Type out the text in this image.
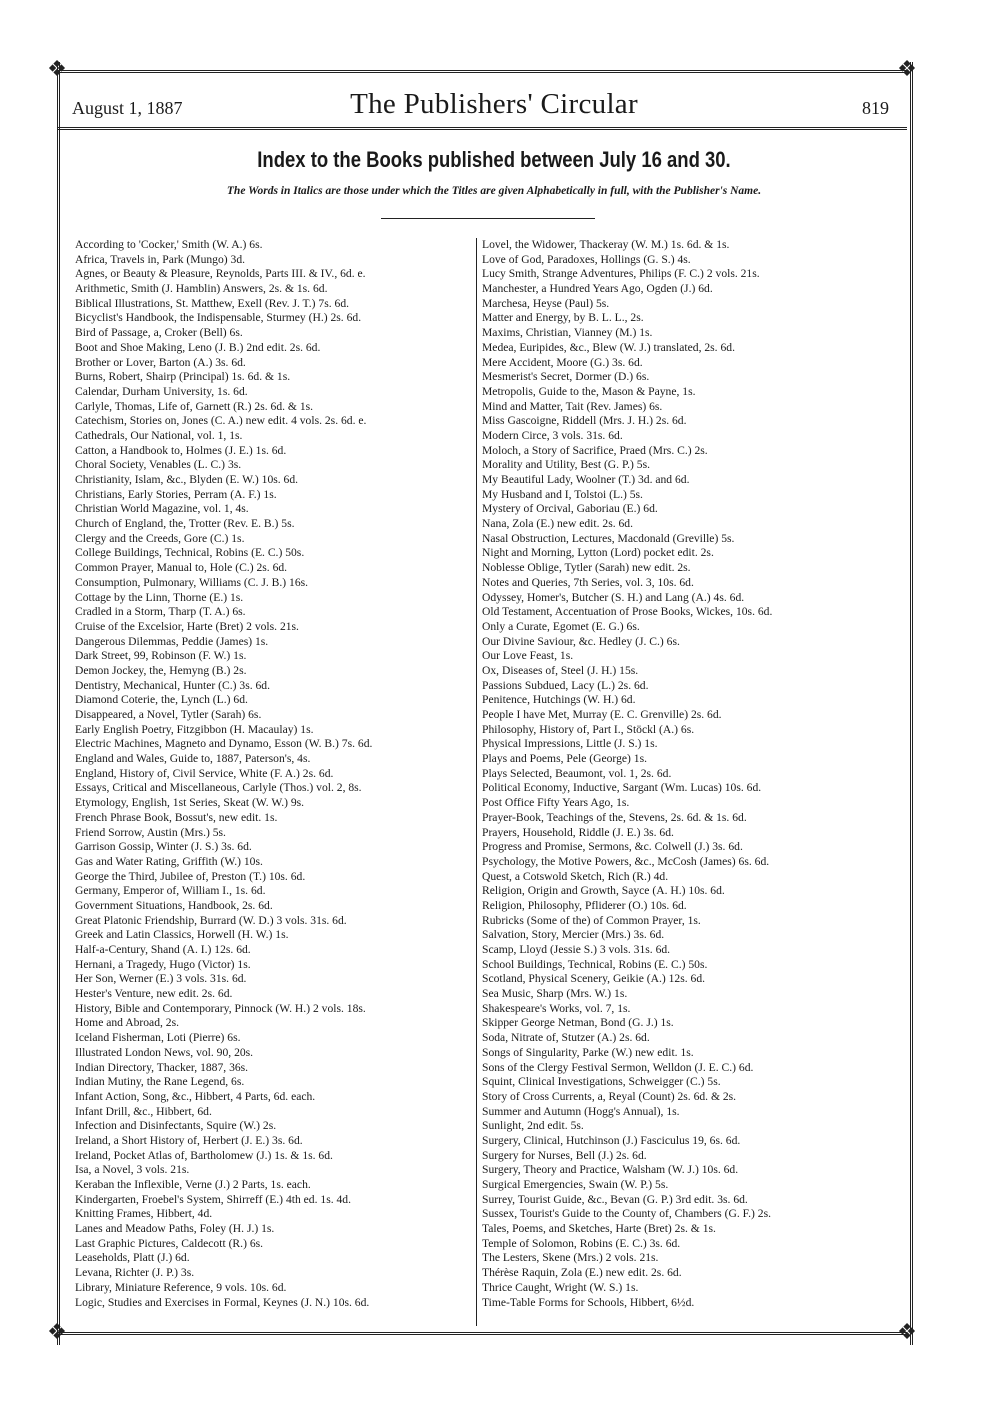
❖	❖
❖	❖
The Publishers' Circular
August 1, 1887	819
Index to the Books published between July 16 and 30.
The Words in Italics are those under which the Titles are given Alphabetically in full, with the Publisher's Name.
According to 'Cocker,' Smith (W. A.) 6s.
Africa, Travels in, Park (Mungo) 3d.
Agnes, or Beauty & Pleasure, Reynolds, Parts III. & IV., 6d. e.
Arithmetic, Smith (J. Hamblin) Answers, 2s. & 1s. 6d.
Biblical Illustrations, St. Matthew, Exell (Rev. J. T.) 7s. 6d.
Bicyclist's Handbook, the Indispensable, Sturmey (H.) 2s. 6d.
Bird of Passage, a, Croker (Bell) 6s.
Boot and Shoe Making, Leno (J. B.) 2nd edit. 2s. 6d.
Brother or Lover, Barton (A.) 3s. 6d.
Burns, Robert, Shairp (Principal) 1s. 6d. & 1s.
Calendar, Durham University, 1s. 6d.
Carlyle, Thomas, Life of, Garnett (R.) 2s. 6d. & 1s.
Catechism, Stories on, Jones (C. A.) new edit. 4 vols. 2s. 6d. e.
Cathedrals, Our National, vol. 1, 1s.
Catton, a Handbook to, Holmes (J. E.) 1s. 6d.
Choral Society, Venables (L. C.) 3s.
Christianity, Islam, &c., Blyden (E. W.) 10s. 6d.
Christians, Early Stories, Perram (A. F.) 1s.
Christian World Magazine, vol. 1, 4s.
Church of England, the, Trotter (Rev. E. B.) 5s.
Clergy and the Creeds, Gore (C.) 1s.
College Buildings, Technical, Robins (E. C.) 50s.
Common Prayer, Manual to, Hole (C.) 2s. 6d.
Consumption, Pulmonary, Williams (C. J. B.) 16s.
Cottage by the Linn, Thorne (E.) 1s.
Cradled in a Storm, Tharp (T. A.) 6s.
Cruise of the Excelsior, Harte (Bret) 2 vols. 21s.
Dangerous Dilemmas, Peddie (James) 1s.
Dark Street, 99, Robinson (F. W.) 1s.
Demon Jockey, the, Hemyng (B.) 2s.
Dentistry, Mechanical, Hunter (C.) 3s. 6d.
Diamond Coterie, the, Lynch (L.) 6d.
Disappeared, a Novel, Tytler (Sarah) 6s.
Early English Poetry, Fitzgibbon (H. Macaulay) 1s.
Electric Machines, Magneto and Dynamo, Esson (W. B.) 7s. 6d.
England and Wales, Guide to, 1887, Paterson's, 4s.
England, History of, Civil Service, White (F. A.) 2s. 6d.
Essays, Critical and Miscellaneous, Carlyle (Thos.) vol. 2, 8s.
Etymology, English, 1st Series, Skeat (W. W.) 9s.
French Phrase Book, Bossut's, new edit. 1s.
Friend Sorrow, Austin (Mrs.) 5s.
Garrison Gossip, Winter (J. S.) 3s. 6d.
Gas and Water Rating, Griffith (W.) 10s.
George the Third, Jubilee of, Preston (T.) 10s. 6d.
Germany, Emperor of, William I., 1s. 6d.
Government Situations, Handbook, 2s. 6d.
Great Platonic Friendship, Burrard (W. D.) 3 vols. 31s. 6d.
Greek and Latin Classics, Horwell (H. W.) 1s.
Half-a-Century, Shand (A. I.) 12s. 6d.
Hernani, a Tragedy, Hugo (Victor) 1s.
Her Son, Werner (E.) 3 vols. 31s. 6d.
Hester's Venture, new edit. 2s. 6d.
History, Bible and Contemporary, Pinnock (W. H.) 2 vols. 18s.
Home and Abroad, 2s.
Iceland Fisherman, Loti (Pierre) 6s.
Illustrated London News, vol. 90, 20s.
Indian Directory, Thacker, 1887, 36s.
Indian Mutiny, the Rane Legend, 6s.
Infant Action, Song, &c., Hibbert, 4 Parts, 6d. each.
Infant Drill, &c., Hibbert, 6d.
Infection and Disinfectants, Squire (W.) 2s.
Ireland, a Short History of, Herbert (J. E.) 3s. 6d.
Ireland, Pocket Atlas of, Bartholomew (J.) 1s. & 1s. 6d.
Isa, a Novel, 3 vols. 21s.
Keraban the Inflexible, Verne (J.) 2 Parts, 1s. each.
Kindergarten, Froebel's System, Shirreff (E.) 4th ed. 1s. 4d.
Knitting Frames, Hibbert, 4d.
Lanes and Meadow Paths, Foley (H. J.) 1s.
Last Graphic Pictures, Caldecott (R.) 6s.
Leaseholds, Platt (J.) 6d.
Levana, Richter (J. P.) 3s.
Library, Miniature Reference, 9 vols. 10s. 6d.
Logic, Studies and Exercises in Formal, Keynes (J. N.) 10s. 6d.
Lovel, the Widower, Thackeray (W. M.) 1s. 6d. & 1s.
Love of God, Paradoxes, Hollings (G. S.) 4s.
Lucy Smith, Strange Adventures, Philips (F. C.) 2 vols. 21s.
Manchester, a Hundred Years Ago, Ogden (J.) 6d.
Marchesa, Heyse (Paul) 5s.
Matter and Energy, by B. L. L., 2s.
Maxims, Christian, Vianney (M.) 1s.
Medea, Euripides, &c., Blew (W. J.) translated, 2s. 6d.
Mere Accident, Moore (G.) 3s. 6d.
Mesmerist's Secret, Dormer (D.) 6s.
Metropolis, Guide to the, Mason & Payne, 1s.
Mind and Matter, Tait (Rev. James) 6s.
Miss Gascoigne, Riddell (Mrs. J. H.) 2s. 6d.
Modern Circe, 3 vols. 31s. 6d.
Moloch, a Story of Sacrifice, Praed (Mrs. C.) 2s.
Morality and Utility, Best (G. P.) 5s.
My Beautiful Lady, Woolner (T.) 3d. and 6d.
My Husband and I, Tolstoi (L.) 5s.
Mystery of Orcival, Gaboriau (E.) 6d.
Nana, Zola (E.) new edit. 2s. 6d.
Nasal Obstruction, Lectures, Macdonald (Greville) 5s.
Night and Morning, Lytton (Lord) pocket edit. 2s.
Noblesse Oblige, Tytler (Sarah) new edit. 2s.
Notes and Queries, 7th Series, vol. 3, 10s. 6d.
Odyssey, Homer's, Butcher (S. H.) and Lang (A.) 4s. 6d.
Old Testament, Accentuation of Prose Books, Wickes, 10s. 6d.
Only a Curate, Egomet (E. G.) 6s.
Our Divine Saviour, &c. Hedley (J. C.) 6s.
Our Love Feast, 1s.
Ox, Diseases of, Steel (J. H.) 15s.
Passions Subdued, Lacy (L.) 2s. 6d.
Penitence, Hutchings (W. H.) 6d.
People I have Met, Murray (E. C. Grenville) 2s. 6d.
Philosophy, History of, Part I., Stöckl (A.) 6s.
Physical Impressions, Little (J. S.) 1s.
Plays and Poems, Pele (George) 1s.
Plays Selected, Beaumont, vol. 1, 2s. 6d.
Political Economy, Inductive, Sargant (Wm. Lucas) 10s. 6d.
Post Office Fifty Years Ago, 1s.
Prayer-Book, Teachings of the, Stevens, 2s. 6d. & 1s. 6d.
Prayers, Household, Riddle (J. E.) 3s. 6d.
Progress and Promise, Sermons, &c. Colwell (J.) 3s. 6d.
Psychology, the Motive Powers, &c., McCosh (James) 6s. 6d.
Quest, a Cotswold Sketch, Rich (R.) 4d.
Religion, Origin and Growth, Sayce (A. H.) 10s. 6d.
Religion, Philosophy, Pfliderer (O.) 10s. 6d.
Rubricks (Some of the) of Common Prayer, 1s.
Salvation, Story, Mercier (Mrs.) 3s. 6d.
Scamp, Lloyd (Jessie S.) 3 vols. 31s. 6d.
School Buildings, Technical, Robins (E. C.) 50s.
Scotland, Physical Scenery, Geikie (A.) 12s. 6d.
Sea Music, Sharp (Mrs. W.) 1s.
Shakespeare's Works, vol. 7, 1s.
Skipper George Netman, Bond (G. J.) 1s.
Soda, Nitrate of, Stutzer (A.) 2s. 6d.
Songs of Singularity, Parke (W.) new edit. 1s.
Sons of the Clergy Festival Sermon, Welldon (J. E. C.) 6d.
Squint, Clinical Investigations, Schweigger (C.) 5s.
Story of Cross Currents, a, Reyal (Count) 2s. 6d. & 2s.
Summer and Autumn (Hogg's Annual), 1s.
Sunlight, 2nd edit. 5s.
Surgery, Clinical, Hutchinson (J.) Fasciculus 19, 6s. 6d.
Surgery for Nurses, Bell (J.) 2s. 6d.
Surgery, Theory and Practice, Walsham (W. J.) 10s. 6d.
Surgical Emergencies, Swain (W. P.) 5s.
Surrey, Tourist Guide, &c., Bevan (G. P.) 3rd edit. 3s. 6d.
Sussex, Tourist's Guide to the County of, Chambers (G. F.) 2s.
Tales, Poems, and Sketches, Harte (Bret) 2s. & 1s.
Temple of Solomon, Robins (E. C.) 3s. 6d.
The Lesters, Skene (Mrs.) 2 vols. 21s.
Thérèse Raquin, Zola (E.) new edit. 2s. 6d.
Thrice Caught, Wright (W. S.) 1s.
Time-Table Forms for Schools, Hibbert, 6½d.
